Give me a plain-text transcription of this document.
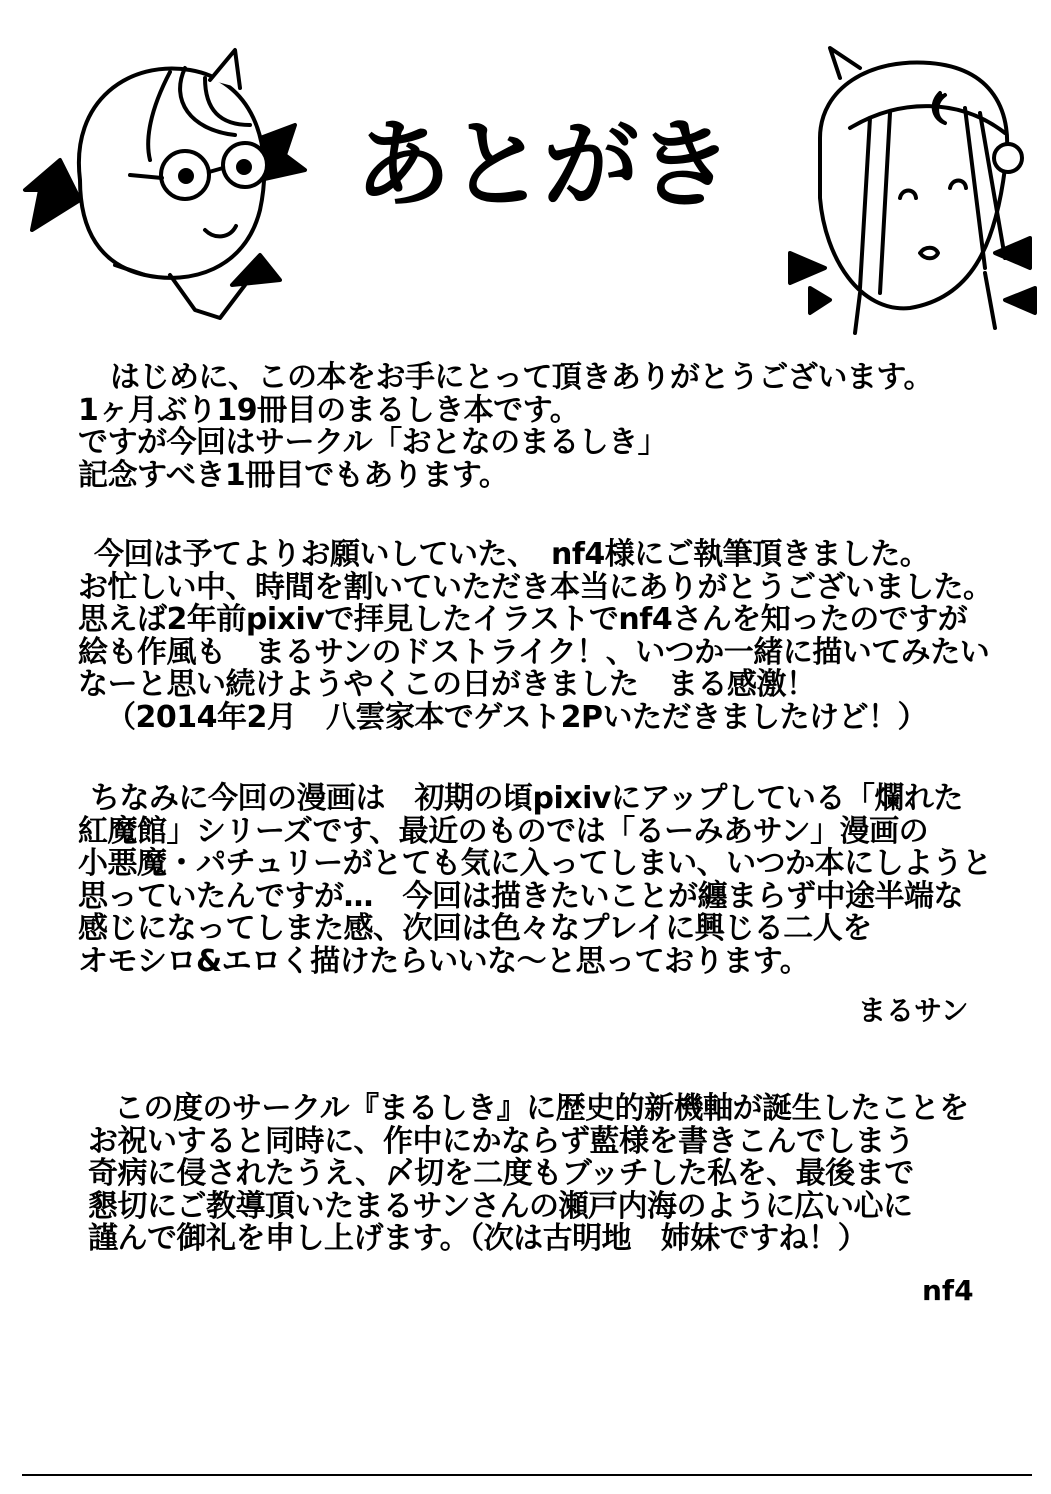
あとがき
はじめに、この本をお手にとって頂きありがとうございます。
1ヶ月ぶり19冊目のまるしき本です。
ですが今回はサークル「おとなのまるしき」
記念すべき1冊目でもあります。
今回は予てよりお願いしていた、　nf4様にご執筆頂きました。
お忙しい中、時間を割いていただき本当にありがとうございました。
思えば2年前pixivで拝見したイラストでnf4さんを知ったのですが
絵も作風も　まるサンのドストライク！、いつか一緒に描いてみたい
なーと思い続けようやくこの日がきました　まる感激！
（2014年2月　八雲家本でゲスト2Pいただきましたけど！）
ちなみに今回の漫画は　初期の頃pixivにアップしている「爛れた
紅魔館」シリーズです、最近のものでは「るーみあサン」漫画の
小悪魔・パチュリーがとても気に入ってしまい、いつか本にしようと
思っていたんですが…　今回は描きたいことが纏まらず中途半端な
感じになってしまた感、次回は色々なプレイに興じる二人を
オモシロ&エロく描けたらいいな～と思っております。
まるサン
この度のサークル『まるしき』に歴史的新機軸が誕生したことを
お祝いすると同時に、作中にかならず藍様を書きこんでしまう
奇病に侵されたうえ、〆切を二度もブッチした私を、最後まで
懇切にご教導頂いたまるサンさんの瀬戸内海のように広い心に
謹んで御礼を申し上げます。（次は古明地　姉妹ですね！）
nf4
